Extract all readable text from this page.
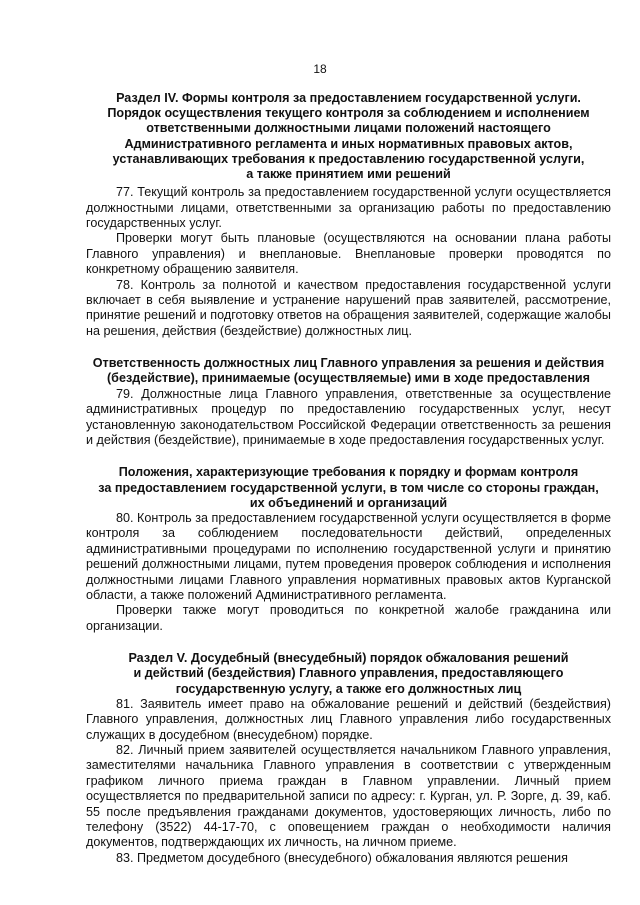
18
Раздел IV. Формы контроля за предоставлением государственной услуги.
Порядок осуществления текущего контроля за соблюдением и исполнением
ответственными должностными лицами положений настоящего
Административного регламента и иных нормативных правовых актов,
устанавливающих требования к предоставлению государственной услуги,
а также принятием ими решений

77. Текущий контроль за предоставлением государственной услуги осуществляется должностными лицами, ответственными за организацию работы по предоставлению государственных услуг.

Проверки могут быть плановые (осуществляются на основании плана работы Главного управления) и внеплановые. Внеплановые проверки проводятся по конкретному обращению заявителя.

78. Контроль за полнотой и качеством предоставления государственной услуги включает в себя выявление и устранение нарушений прав заявителей, рассмотрение, принятие решений и подготовку ответов на обращения заявителей, содержащие жалобы на решения, действия (бездействие) должностных лиц.

Ответственность должностных лиц Главного управления за решения и действия
(бездействие), принимаемые (осуществляемые) ими в ходе предоставления

79. Должностные лица Главного управления, ответственные за осуществление административных процедур по предоставлению государственных услуг, несут установленную законодательством Российской Федерации ответственность за решения и действия (бездействие), принимаемые в ходе предоставления государственных услуг.

Положения, характеризующие требования к порядку и формам контроля
за предоставлением государственной услуги, в том числе со стороны граждан,
их объединений и организаций

80. Контроль за предоставлением государственной услуги осуществляется в форме контроля за соблюдением последовательности действий, определенных административными процедурами по исполнению государственной услуги и принятию решений должностными лицами, путем проведения проверок соблюдения и исполнения должностными лицами Главного управления нормативных правовых актов Курганской области, а также положений Административного регламента.

Проверки также могут проводиться по конкретной жалобе гражданина или организации.

Раздел V. Досудебный (внесудебный) порядок обжалования решений
и действий (бездействия) Главного управления, предоставляющего
государственную услугу, а также его должностных лиц

81. Заявитель имеет право на обжалование решений и действий (бездействия) Главного управления, должностных лиц Главного управления либо государственных служащих в досудебном (внесудебном) порядке.

82. Личный прием заявителей осуществляется начальником Главного управления, заместителями начальника Главного управления в соответствии с утвержденным графиком личного приема граждан в Главном управлении. Личный прием осуществляется по предварительной записи по адресу: г. Курган, ул. Р. Зорге, д. 39, каб. 55 после предъявления гражданами документов, удостоверяющих личность, либо по телефону (3522) 44-17-70, с оповещением граждан о необходимости наличия документов, подтверждающих их личность, на личном приеме.

83. Предметом досудебного (внесудебного) обжалования являются решения
